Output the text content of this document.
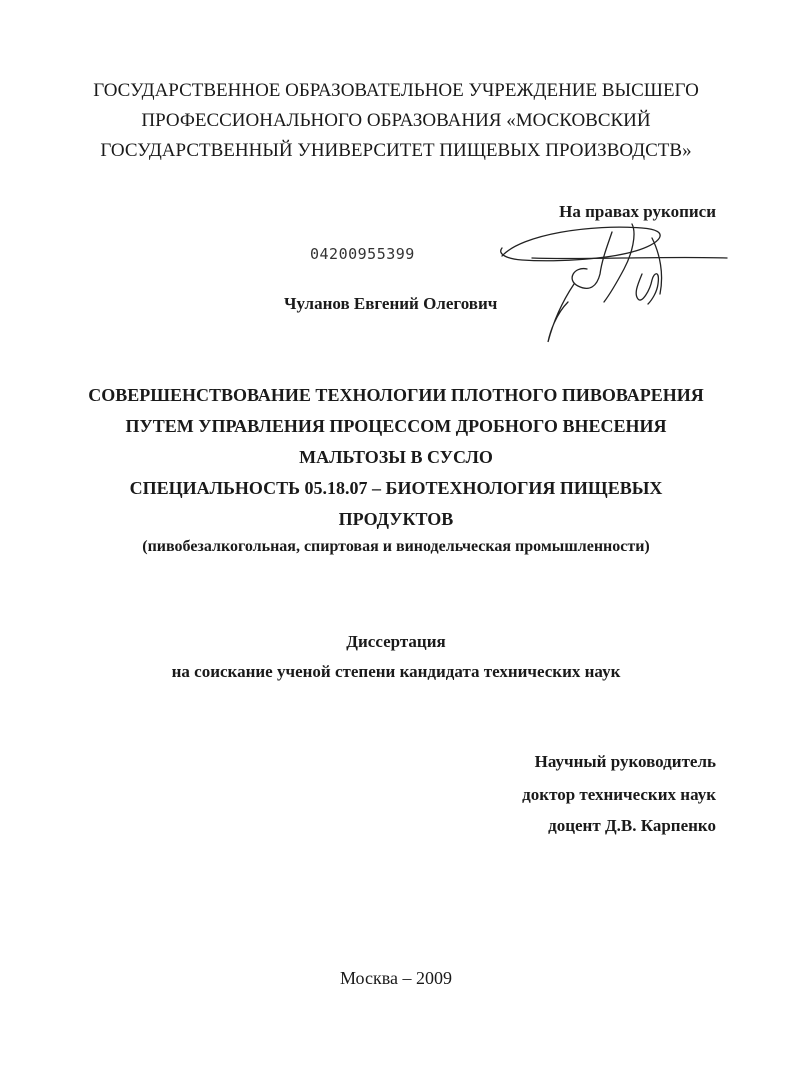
ГОСУДАРСТВЕННОЕ ОБРАЗОВАТЕЛЬНОЕ УЧРЕЖДЕНИЕ ВЫСШЕГО
ПРОФЕССИОНАЛЬНОГО ОБРАЗОВАНИЯ «МОСКОВСКИЙ
ГОСУДАРСТВЕННЫЙ УНИВЕРСИТЕТ ПИЩЕВЫХ ПРОИЗВОДСТВ»
На правах рукописи
04200955399
Чуланов Евгений Олегович
СОВЕРШЕНСТВОВАНИЕ ТЕХНОЛОГИИ ПЛОТНОГО ПИВОВАРЕНИЯ
ПУТЕМ УПРАВЛЕНИЯ ПРОЦЕССОМ ДРОБНОГО ВНЕСЕНИЯ
МАЛЬТОЗЫ В СУСЛО
СПЕЦИАЛЬНОСТЬ 05.18.07 – БИОТЕХНОЛОГИЯ ПИЩЕВЫХ
ПРОДУКТОВ
(пивобезалкогольная, спиртовая и винодельческая промышленности)
Диссертация
на соискание ученой степени кандидата технических наук
Научный руководитель
доктор технических наук
доцент Д.В. Карпенко
Москва – 2009
